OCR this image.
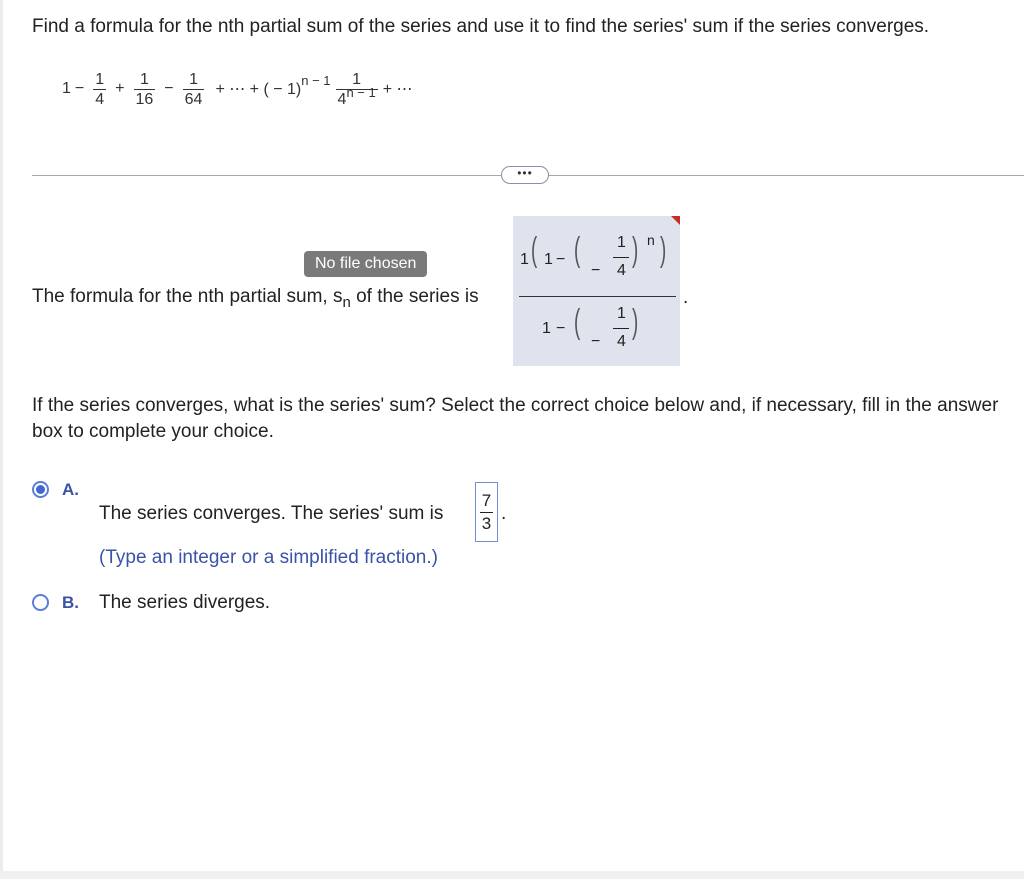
Find a formula for the nth partial sum of the series and use it to find the series' sum if the series converges.
$1 - \frac{1}{4} + \frac{1}{16} - \frac{1}{64}$ + ⋯ + ( − $1)^{n - 1} \frac{1}{4^{n - 1}}$ + ⋯
•••
No file chosen
The formula for the nth partial sum, $s_n$ of the series is
1 ( 1 − (
−
1
4
) n )
1 − (
−
1
4
)
.
If the series converges, what is the series' sum? Select the correct choice below and, if necessary, fill in the answer box to complete your choice.
A.
The series converges. The series' sum is $\frac{7}{3}$ .
(Type an integer or a simplified fraction.)
B. The series diverges.
